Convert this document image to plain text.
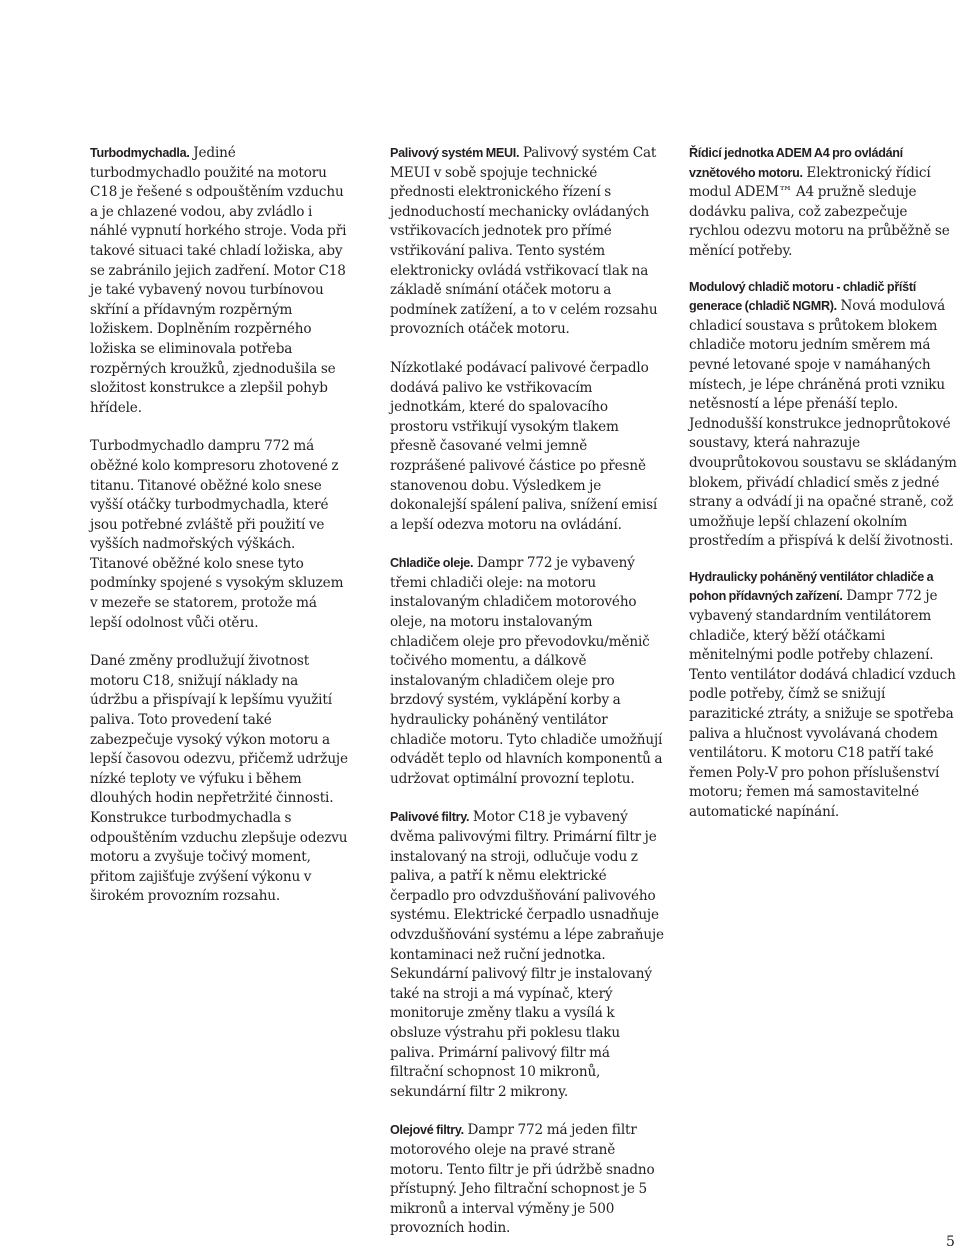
Turbodmychadla. Jediné turbodmychadlo použité na motoru C18 je řešené s odpouštěním vzduchu a je chlazené vodou, aby zvládlo i náhlé vypnutí horkého stroje. Voda při takové situaci také chladí ložiska, aby se zabránilo jejich zadření. Motor C18 je také vybavený novou turbínovou skříní a přídavným rozpěrným ložiskem. Doplněním rozpěrného ložiska se eliminovala potřeba rozpěrných kroužků, zjednodušila se složitost konstrukce a zlepšil pohyb hřídele.

Turbodmychadlo dampru 772 má oběžné kolo kompresoru zhotovené z titanu. Titanové oběžné kolo snese vyšší otáčky turbodmychadla, které jsou potřebné zvláště při použití ve vyšších nadmořských výškách. Titanové oběžné kolo snese tyto podmínky spojené s vysokým skluzem v mezeře se statorem, protože má lepší odolnost vůči otěru.

Dané změny prodlužují životnost motoru C18, snižují náklady na údržbu a přispívají k lepšímu využití paliva. Toto provedení také zabezpečuje vysoký výkon motoru a lepší časovou odezvu, přičemž udržuje nízké teploty ve výfuku i během dlouhých hodin nepřetržité činnosti. Konstrukce turbodmychadla s odpouštěním vzduchu zlepšuje odezvu motoru a zvyšuje točivý moment, přitom zajišťuje zvýšení výkonu v širokém provozním rozsahu.

Palivový systém MEUI. Palivový systém Cat MEUI v sobě spojuje technické přednosti elektronického řízení s jednoduchostí mechanicky ovládaných vstřikovacích jednotek pro přímé vstřikování paliva. Tento systém elektronicky ovládá vstřikovací tlak na základě snímání otáček motoru a podmínek zatížení, a to v celém rozsahu provozních otáček motoru.

Nízkotlaké podávací palivové čerpadlo dodává palivo ke vstřikovacím jednotkám, které do spalovacího prostoru vstřikují vysokým tlakem přesně časované velmi jemně rozprášené palivové částice po přesně stanovenou dobu. Výsledkem je dokonalejší spálení paliva, snížení emisí a lepší odezva motoru na ovládání.

Chladiče oleje. Dampr 772 je vybavený třemi chladiči oleje: na motoru instalovaným chladičem motorového oleje, na motoru instalovaným chladičem oleje pro převodovku/měnič točivého momentu, a dálkově instalovaným chladičem oleje pro brzdový systém, vyklápění korby a hydraulicky poháněný ventilátor chladiče motoru. Tyto chladiče umožňují odvádět teplo od hlavních komponentů a udržovat optimální provozní teplotu.

Palivové filtry. Motor C18 je vybavený dvěma palivovými filtry. Primární filtr je instalovaný na stroji, odlučuje vodu z paliva, a patří k němu elektrické čerpadlo pro odvzdušňování palivového systému. Elektrické čerpadlo usnadňuje odvzdušňování systému a lépe zabraňuje kontaminaci než ruční jednotka. Sekundární palivový filtr je instalovaný také na stroji a má vypínač, který monitoruje změny tlaku a vysílá k obsluze výstrahu při poklesu tlaku paliva. Primární palivový filtr má filtrační schopnost 10 mikronů, sekundární filtr 2 mikrony.

Olejové filtry. Dampr 772 má jeden filtr motorového oleje na pravé straně motoru. Tento filtr je při údržbě snadno přístupný. Jeho filtrační schopnost je 5 mikronů a interval výměny je 500 provozních hodin.

Řídicí jednotka ADEM A4 pro ovládání vznětového motoru. Elektronický řídicí modul ADEM™ A4 pružně sleduje dodávku paliva, což zabezpečuje rychlou odezvu motoru na průběžně se měnící potřeby.

Modulový chladič motoru - chladič příští generace (chladič NGMR). Nová modulová chladicí soustava s průtokem blokem chladiče motoru jedním směrem má pevné letované spoje v namáhaných místech, je lépe chráněná proti vzniku netěsností a lépe přenáší teplo. Jednodušší konstrukce jednoprůtokové soustavy, která nahrazuje dvouprůtokovou soustavu se skládaným blokem, přivádí chladicí směs z jedné strany a odvádí ji na opačné straně, což umožňuje lepší chlazení okolním prostředím a přispívá k delší životnosti.

Hydraulicky poháněný ventilátor chladiče a pohon přídavných zařízení. Dampr 772 je vybavený standardním ventilátorem chladiče, který běží otáčkami měnitelnými podle potřeby chlazení. Tento ventilátor dodává chladicí vzduch podle potřeby, čímž se snižují parazitické ztráty, a snižuje se spotřeba paliva a hlučnost vyvolávaná chodem ventilátoru. K motoru C18 patří také řemen Poly-V pro pohon příslušenství motoru; řemen má samostavitelné automatické napínání.

5
